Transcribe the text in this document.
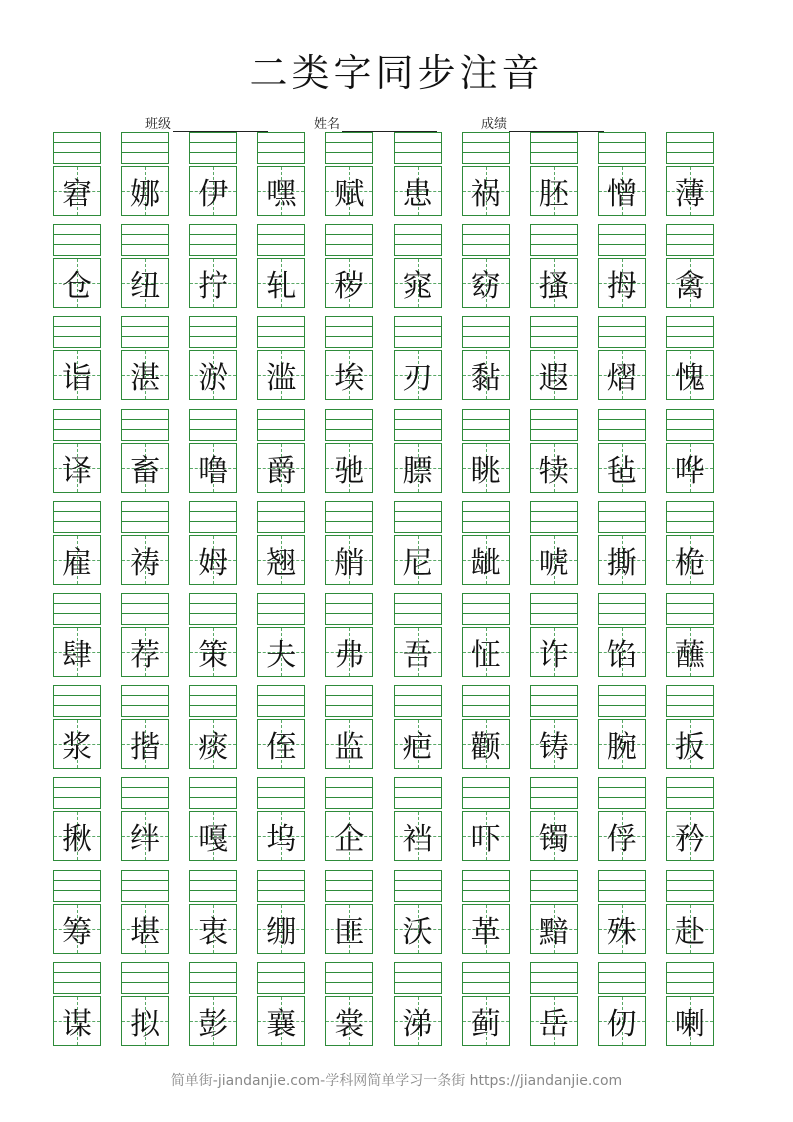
二类字同步注音
班级	姓名	成绩
窘 娜 伊 嘿 赋 患 祸 胚 憎 薄
仓 纽 拧 轧 秽 窕 窈 搔 拇 禽
诣 湛 淤 滥 埃 刃 黏 遐 熠 愧
译 畜 噜 爵 驰 膘 眺 犊 毡 哗
雇 祷 姆 翘 艄 尼 龇 唬 撕 桅
肆 荐 策 夫 弗 吾 怔 诈 馅 蘸
浆 揩 痰 侄 监 疤 颧 铸 腕 扳
揪 绊 嘎 坞 企 裆 吓 镯 俘 矜
筹 堪 衷 绷 匪 沃 革 黯 殊 赴
谋 拟 彭 襄 裳 涕 蓟 岳 仞 喇
简单街-jiandanjie.com-学科网简单学习一条街 https://jiandanjie.com
